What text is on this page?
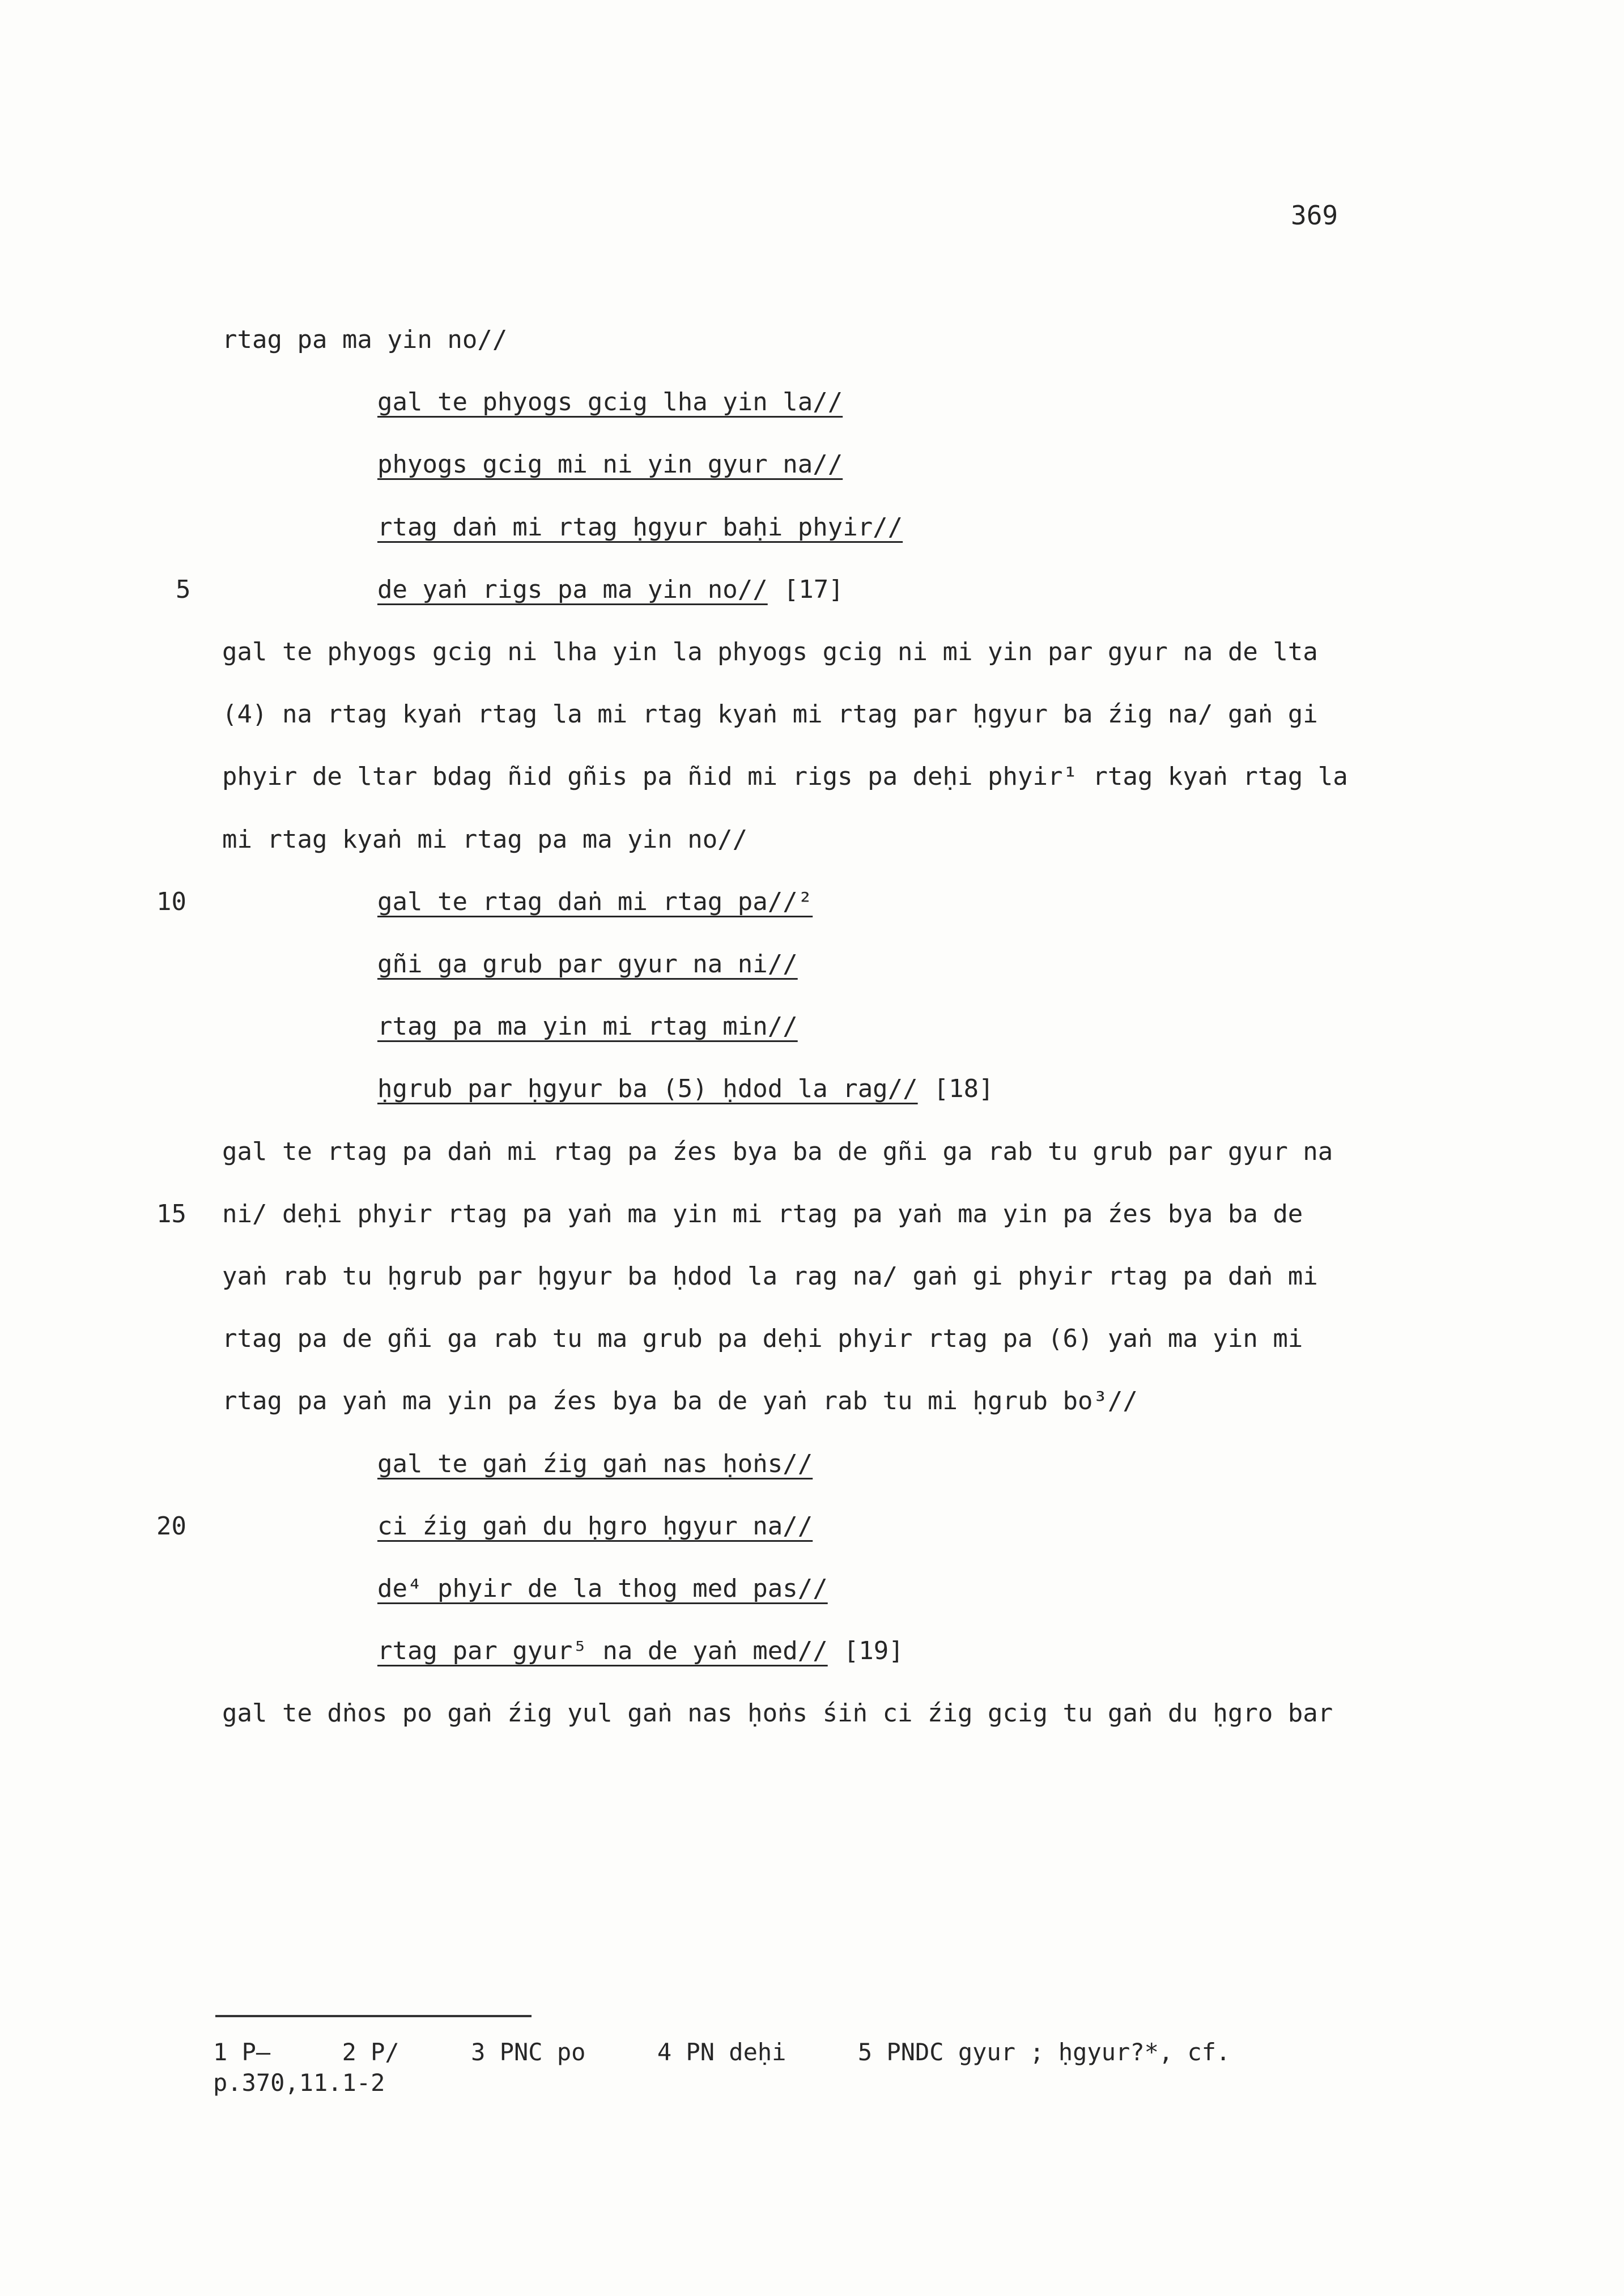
369
rtag pa ma yin no//
gal te phyogs gcig lha yin la//
phyogs gcig mi ni yin gyur na//
rtag daṅ mi rtag ḥgyur baḥi phyir//
de yaṅ rigs pa ma yin no// [17]
5
gal te phyogs gcig ni lha yin la phyogs gcig ni mi yin par gyur na de lta
(4) na rtag kyaṅ rtag la mi rtag kyaṅ mi rtag par ḥgyur ba źig na/ gaṅ gi
phyir de ltar bdag ñid gñis pa ñid mi rigs pa deḥi phyir¹ rtag kyaṅ rtag la
mi rtag kyaṅ mi rtag pa ma yin no//
gal te rtag daṅ mi rtag pa//²
10
gñi ga grub par gyur na ni//
rtag pa ma yin mi rtag min//
ḥgrub par ḥgyur ba (5) ḥdod la rag// [18]
gal te rtag pa daṅ mi rtag pa źes bya ba de gñi ga rab tu grub par gyur na
ni/ deḥi phyir rtag pa yaṅ ma yin mi rtag pa yaṅ ma yin pa źes bya ba de
15
yaṅ rab tu ḥgrub par ḥgyur ba ḥdod la rag na/ gaṅ gi phyir rtag pa daṅ mi
rtag pa de gñi ga rab tu ma grub pa deḥi phyir rtag pa (6) yaṅ ma yin mi
rtag pa yaṅ ma yin pa źes bya ba de yaṅ rab tu mi ḥgrub bo³//
gal te gaṅ źig gaṅ nas ḥoṅs//
ci źig gaṅ du ḥgro ḥgyur na//
20
de⁴ phyir de la thog med pas//
rtag par gyur⁵ na de yaṅ med// [19]
gal te dṅos po gaṅ źig yul gaṅ nas ḥoṅs śiṅ ci źig gcig tu gaṅ du ḥgro bar
1 P—     2 P/     3 PNC po     4 PN deḥi     5 PNDC gyur ; ḥgyur?*, cf.
p.370,11.1-2
